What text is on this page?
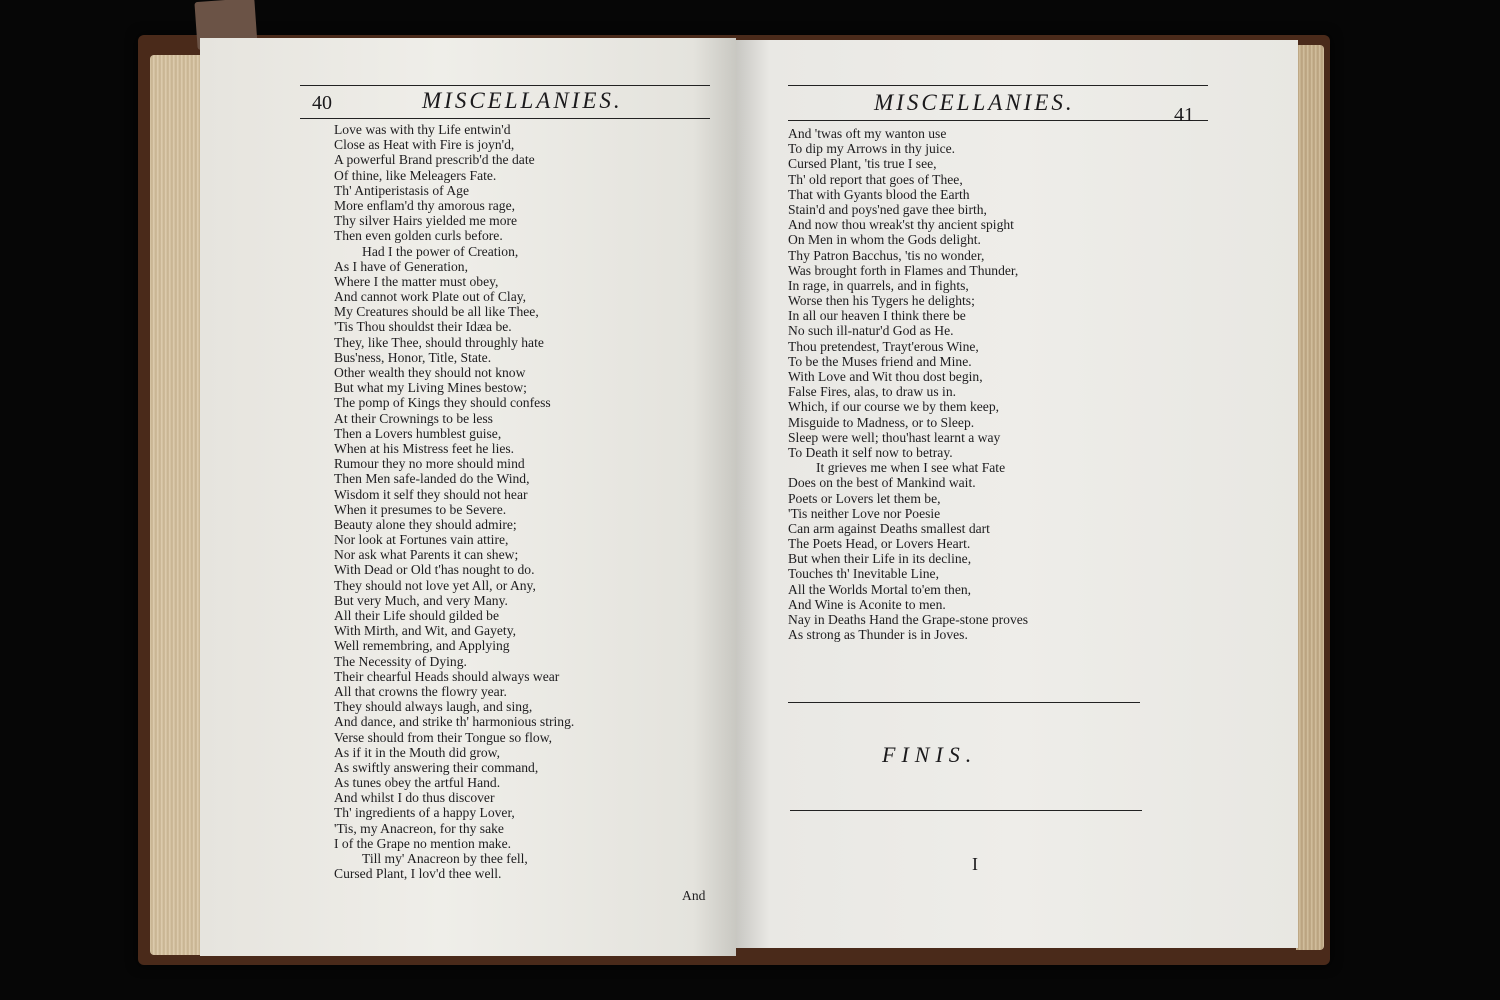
40	MISCELLANIES.
Love was with thy Life entwin'd
Close as Heat with Fire is joyn'd,
A powerful Brand prescrib'd the date
Of thine, like Meleagers Fate.
Th' Antiperistasis of Age
More enflam'd thy amorous rage,
Thy silver Hairs yielded me more
Then even golden curls before.
Had I the power of Creation,
As I have of Generation,
Where I the matter must obey,
And cannot work Plate out of Clay,
My Creatures should be all like Thee,
'Tis Thou shouldst their Idæa be.
They, like Thee, should throughly hate
Bus'ness, Honor, Title, State.
Other wealth they should not know
But what my Living Mines bestow;
The pomp of Kings they should confess
At their Crownings to be less
Then a Lovers humblest guise,
When at his Mistress feet he lies.
Rumour they no more should mind
Then Men safe-landed do the Wind,
Wisdom it self they should not hear
When it presumes to be Severe.
Beauty alone they should admire;
Nor look at Fortunes vain attire,
Nor ask what Parents it can shew;
With Dead or Old t'has nought to do.
They should not love yet All, or Any,
But very Much, and very Many.
All their Life should gilded be
With Mirth, and Wit, and Gayety,
Well remembring, and Applying
The Necessity of Dying.
Their chearful Heads should always wear
All that crowns the flowry year.
They should always laugh, and sing,
And dance, and strike th' harmonious string.
Verse should from their Tongue so flow,
As if it in the Mouth did grow,
As swiftly answering their command,
As tunes obey the artful Hand.
And whilst I do thus discover
Th' ingredients of a happy Lover,
'Tis, my Anacreon, for thy sake
I of the Grape no mention make.
Till my' Anacreon by thee fell,
Cursed Plant, I lov'd thee well.
And
MISCELLANIES.	41
And 'twas oft my wanton use
To dip my Arrows in thy juice.
Cursed Plant, 'tis true I see,
Th' old report that goes of Thee,
That with Gyants blood the Earth
Stain'd and poys'ned gave thee birth,
And now thou wreak'st thy ancient spight
On Men in whom the Gods delight.
Thy Patron Bacchus, 'tis no wonder,
Was brought forth in Flames and Thunder,
In rage, in quarrels, and in fights,
Worse then his Tygers he delights;
In all our heaven I think there be
No such ill-natur'd God as He.
Thou pretendest, Trayt'erous Wine,
To be the Muses friend and Mine.
With Love and Wit thou dost begin,
False Fires, alas, to draw us in.
Which, if our course we by them keep,
Misguide to Madness, or to Sleep.
Sleep were well; thou'hast learnt a way
To Death it self now to betray.
It grieves me when I see what Fate
Does on the best of Mankind wait.
Poets or Lovers let them be,
'Tis neither Love nor Poesie
Can arm against Deaths smallest dart
The Poets Head, or Lovers Heart.
But when their Life in its decline,
Touches th' Inevitable Line,
All the Worlds Mortal to'em then,
And Wine is Aconite to men.
Nay in Deaths Hand the Grape-stone proves
As strong as Thunder is in Joves.
FINIS.
I
